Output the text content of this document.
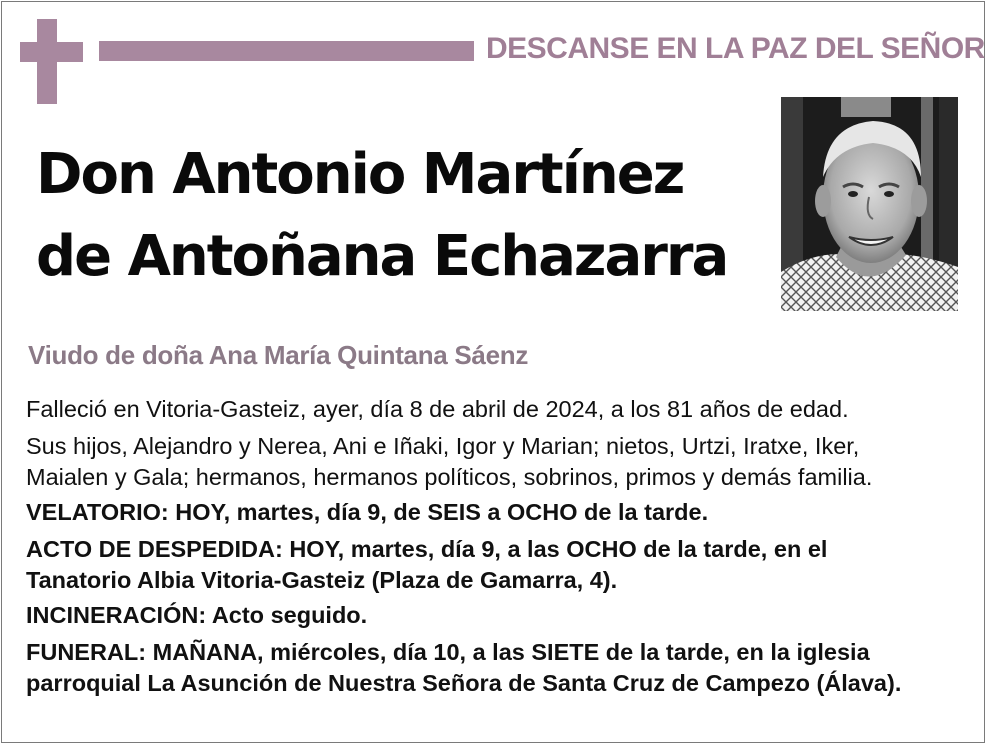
DESCANSE EN LA PAZ DEL SEÑOR
Don Antonio Martínez
de Antoñana Echazarra
Viudo de doña Ana María Quintana Sáenz

Falleció en Vitoria-Gasteiz, ayer, día 8 de abril de 2024, a los 81 años de edad.

Sus hijos, Alejandro y Nerea, Ani e Iñaki, Igor y Marian; nietos, Urtzi, Iratxe, Iker,
Maialen y Gala; hermanos, hermanos políticos, sobrinos, primos y demás familia.

VELATORIO: HOY, martes, día 9, de SEIS a OCHO de la tarde.

ACTO DE DESPEDIDA: HOY, martes, día 9, a las OCHO de la tarde, en el
Tanatorio Albia Vitoria-Gasteiz (Plaza de Gamarra, 4).

INCINERACIÓN: Acto seguido.

FUNERAL: MAÑANA, miércoles, día 10, a las SIETE de la tarde, en la iglesia
parroquial La Asunción de Nuestra Señora de Santa Cruz de Campezo (Álava).
